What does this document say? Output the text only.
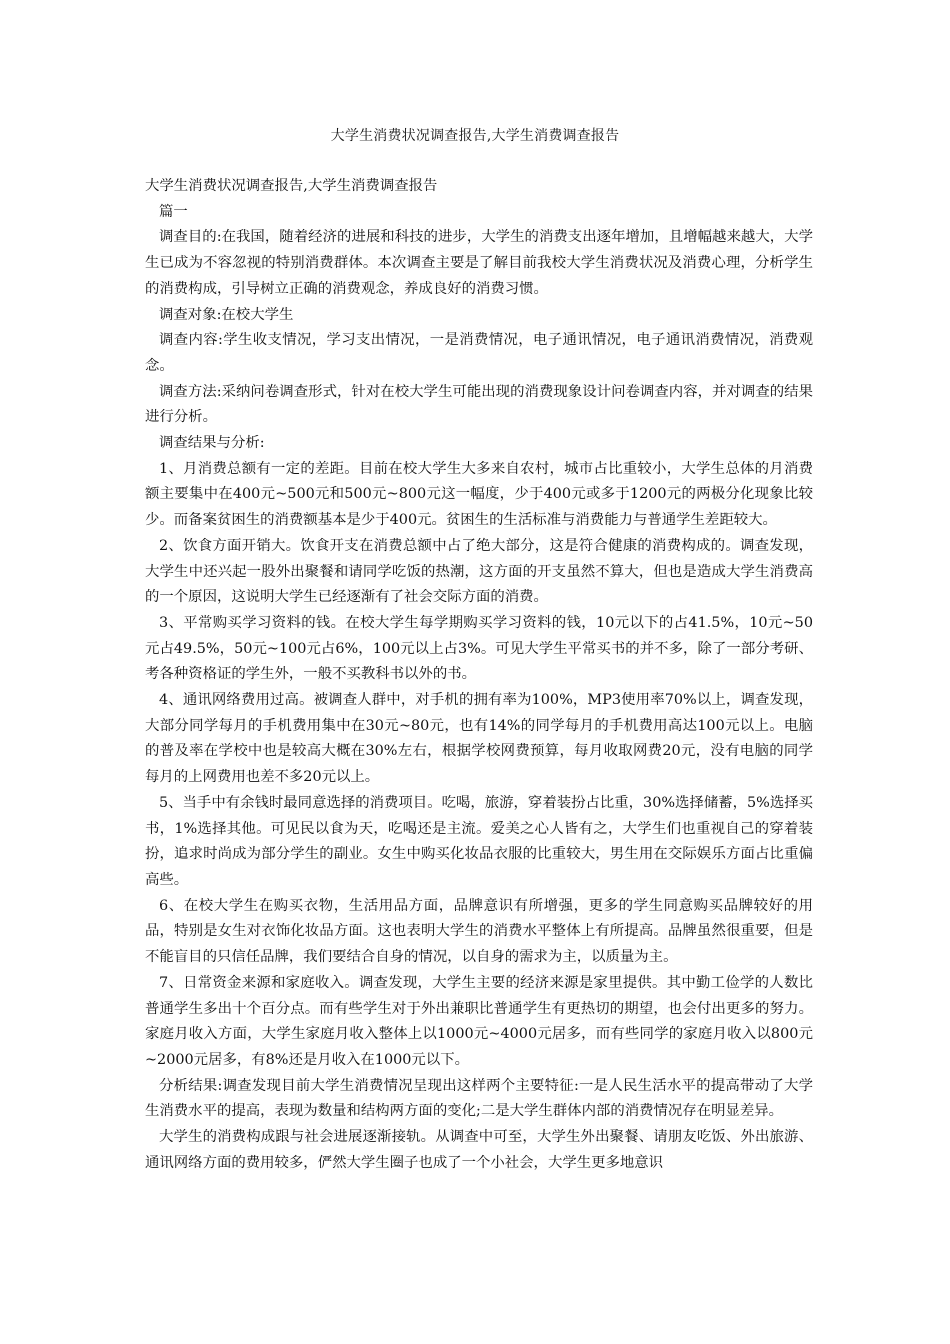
大学生消费状况调查报告,大学生消费调查报告

大学生消费状况调查报告,大学生消费调查报告

篇一

调查目的:在我国，随着经济的进展和科技的进步，大学生的消费支出逐年增加，且增幅越来越大，大学生已成为不容忽视的特别消费群体。本次调查主要是了解目前我校大学生消费状况及消费心理，分析学生的消费构成，引导树立正确的消费观念，养成良好的消费习惯。

调查对象:在校大学生

调查内容:学生收支情况，学习支出情况，一是消费情况，电子通讯情况，电子通讯消费情况，消费观念。

调查方法:采纳问卷调查形式，针对在校大学生可能出现的消费现象设计问卷调查内容，并对调查的结果进行分析。

调查结果与分析:

1、月消费总额有一定的差距。目前在校大学生大多来自农村，城市占比重较小，大学生总体的月消费额主要集中在400元~500元和500元~800元这一幅度，少于400元或多于1200元的两极分化现象比较少。而备案贫困生的消费额基本是少于400元。贫困生的生活标准与消费能力与普通学生差距较大。

2、饮食方面开销大。饮食开支在消费总额中占了绝大部分，这是符合健康的消费构成的。调查发现，大学生中还兴起一股外出聚餐和请同学吃饭的热潮，这方面的开支虽然不算大，但也是造成大学生消费高的一个原因，这说明大学生已经逐渐有了社会交际方面的消费。

3、平常购买学习资料的钱。在校大学生每学期购买学习资料的钱，10元以下的占41.5%，10元~50元占49.5%，50元~100元占6%，100元以上占3%。可见大学生平常买书的并不多，除了一部分考研、考各种资格证的学生外，一般不买教科书以外的书。

4、通讯网络费用过高。被调查人群中，对手机的拥有率为100%，MP3使用率70%以上，调查发现，大部分同学每月的手机费用集中在30元~80元，也有14%的同学每月的手机费用高达100元以上。电脑的普及率在学校中也是较高大概在30%左右，根据学校网费预算，每月收取网费20元，没有电脑的同学每月的上网费用也差不多20元以上。

5、当手中有余钱时最同意选择的消费项目。吃喝，旅游，穿着装扮占比重，30%选择储蓄，5%选择买书，1%选择其他。可见民以食为天，吃喝还是主流。爱美之心人皆有之，大学生们也重视自己的穿着装扮，追求时尚成为部分学生的副业。女生中购买化妆品衣服的比重较大，男生用在交际娱乐方面占比重偏高些。

6、在校大学生在购买衣物，生活用品方面，品牌意识有所增强，更多的学生同意购买品牌较好的用品，特别是女生对衣饰化妆品方面。这也表明大学生的消费水平整体上有所提高。品牌虽然很重要，但是不能盲目的只信任品牌，我们要结合自身的情况，以自身的需求为主，以质量为主。

7、日常资金来源和家庭收入。调查发现，大学生主要的经济来源是家里提供。其中勤工俭学的人数比普通学生多出十个百分点。而有些学生对于外出兼职比普通学生有更热切的期望，也会付出更多的努力。家庭月收入方面，大学生家庭月收入整体上以1000元~4000元居多，而有些同学的家庭月收入以800元~2000元居多，有8%还是月收入在1000元以下。

分析结果:调查发现目前大学生消费情况呈现出这样两个主要特征:一是人民生活水平的提高带动了大学生消费水平的提高，表现为数量和结构两方面的变化;二是大学生群体内部的消费情况存在明显差异。

大学生的消费构成跟与社会进展逐渐接轨。从调查中可至，大学生外出聚餐、请朋友吃饭、外出旅游、通讯网络方面的费用较多，俨然大学生圈子也成了一个小社会，大学生更多地意识
